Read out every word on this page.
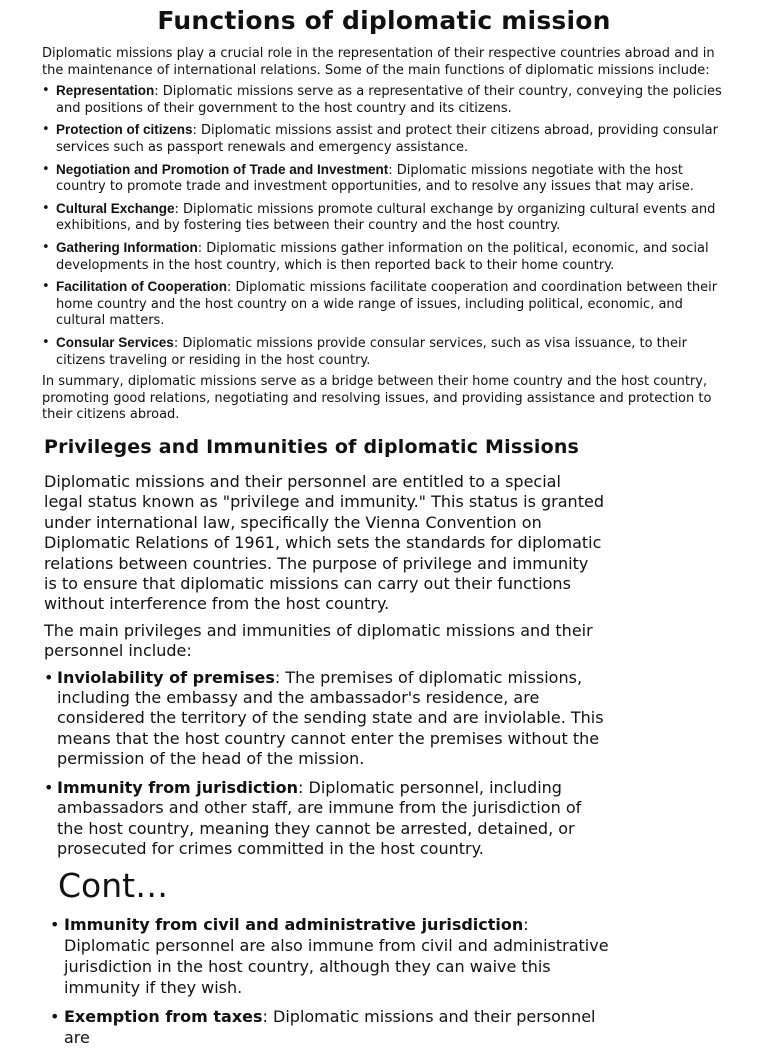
Functions of diplomatic mission

Diplomatic missions play a crucial role in the representation of their respective countries abroad and in the maintenance of international relations. Some of the main functions of diplomatic missions include:

• Representation: Diplomatic missions serve as a representative of their country, conveying the policies and positions of their government to the host country and its citizens.
• Protection of citizens: Diplomatic missions assist and protect their citizens abroad, providing consular services such as passport renewals and emergency assistance.
• Negotiation and Promotion of Trade and Investment: Diplomatic missions negotiate with the host country to promote trade and investment opportunities, and to resolve any issues that may arise.
• Cultural Exchange: Diplomatic missions promote cultural exchange by organizing cultural events and exhibitions, and by fostering ties between their country and the host country.
• Gathering Information: Diplomatic missions gather information on the political, economic, and social developments in the host country, which is then reported back to their home country.
• Facilitation of Cooperation: Diplomatic missions facilitate cooperation and coordination between their home country and the host country on a wide range of issues, including political, economic, and cultural matters.
• Consular Services: Diplomatic missions provide consular services, such as visa issuance, to their citizens traveling or residing in the host country.

In summary, diplomatic missions serve as a bridge between their home country and the host country, promoting good relations, negotiating and resolving issues, and providing assistance and protection to their citizens abroad.

Privileges and Immunities of diplomatic Missions

Diplomatic missions and their personnel are entitled to a special legal status known as "privilege and immunity." This status is granted under international law, specifically the Vienna Convention on Diplomatic Relations of 1961, which sets the standards for diplomatic relations between countries. The purpose of privilege and immunity is to ensure that diplomatic missions can carry out their functions without interference from the host country.

The main privileges and immunities of diplomatic missions and their personnel include:

• Inviolability of premises: The premises of diplomatic missions, including the embassy and the ambassador's residence, are considered the territory of the sending state and are inviolable. This means that the host country cannot enter the premises without the permission of the head of the mission.
• Immunity from jurisdiction: Diplomatic personnel, including ambassadors and other staff, are immune from the jurisdiction of the host country, meaning they cannot be arrested, detained, or prosecuted for crimes committed in the host country.
Cont…
• Immunity from civil and administrative jurisdiction: Diplomatic personnel are also immune from civil and administrative jurisdiction in the host country, although they can waive this immunity if they wish.
• Exemption from taxes: Diplomatic missions and their personnel are
